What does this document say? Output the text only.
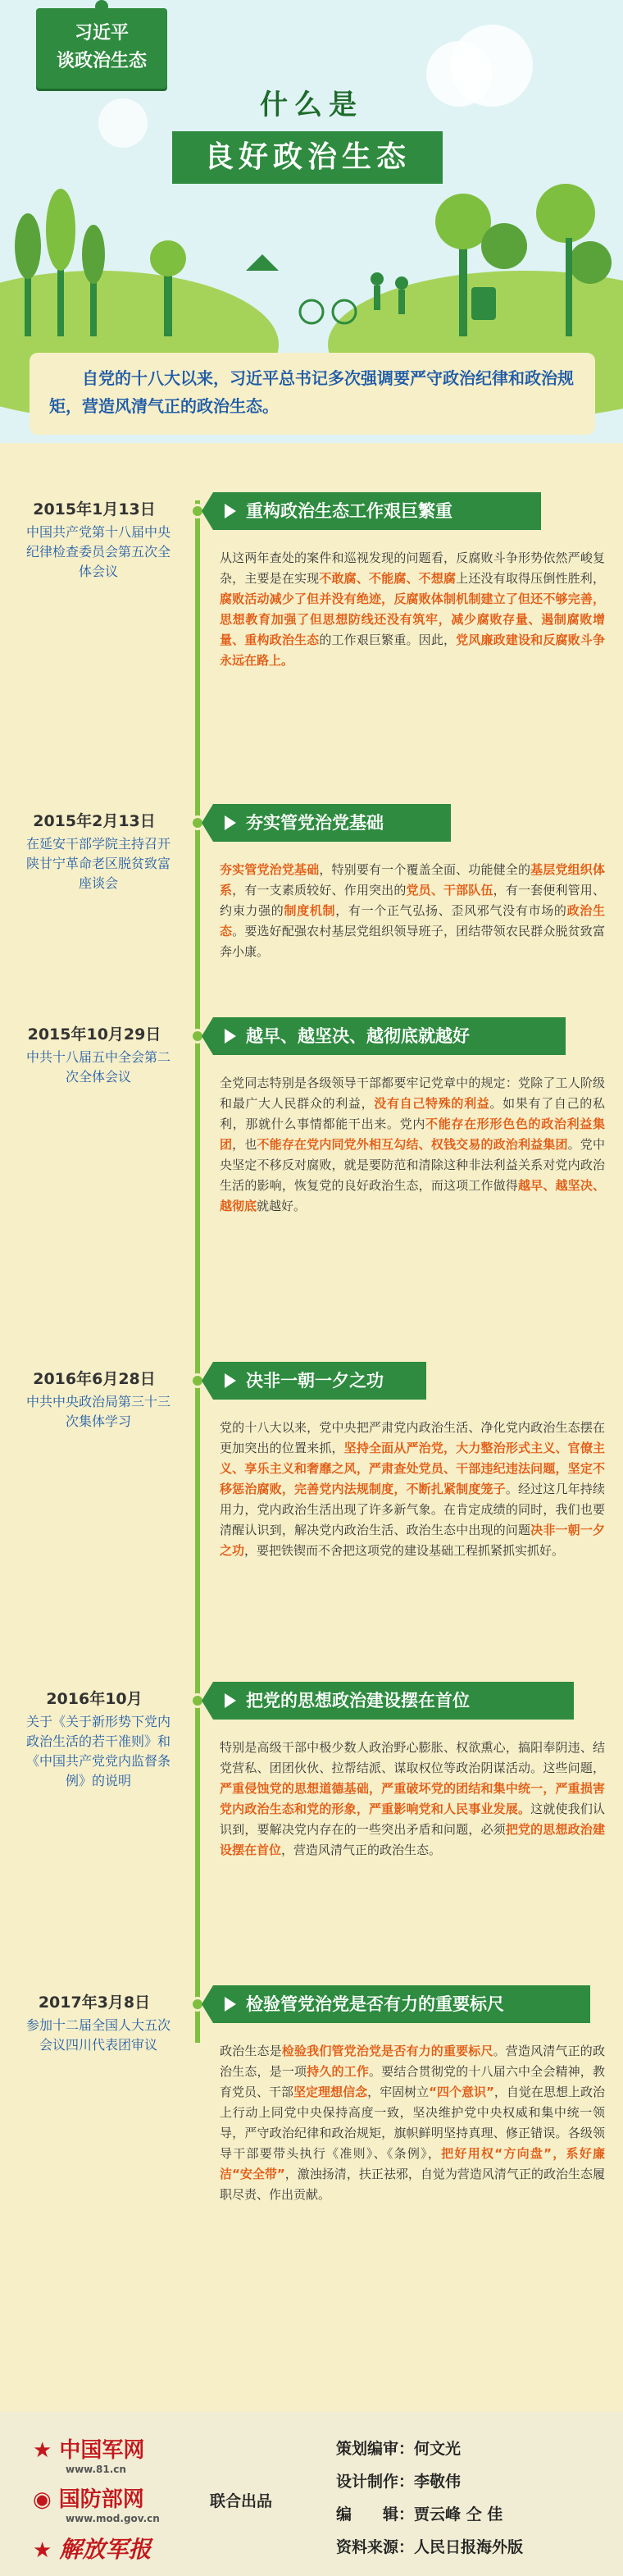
习近平
谈政治生态
什么是
良好政治生态
自党的十八大以来，习近平总书记多次强调要严守政治纪律和政治规矩，营造风清气正的政治生态。
2015年1月13日
中国共产党第十八届中央纪律检查委员会第五次全体会议
重构政治生态工作艰巨繁重
从这两年查处的案件和巡视发现的问题看，反腐败斗争形势依然严峻复杂，主要是在实现不敢腐、不能腐、不想腐上还没有取得压倒性胜利，腐败活动减少了但并没有绝迹，反腐败体制机制建立了但还不够完善，思想教育加强了但思想防线还没有筑牢，减少腐败存量、遏制腐败增量、重构政治生态的工作艰巨繁重。因此，党风廉政建设和反腐败斗争永远在路上。
2015年2月13日
在延安干部学院主持召开陕甘宁革命老区脱贫致富座谈会
夯实管党治党基础
夯实管党治党基础，特别要有一个覆盖全面、功能健全的基层党组织体系，有一支素质较好、作用突出的党员、干部队伍，有一套便利管用、约束力强的制度机制，有一个正气弘扬、歪风邪气没有市场的政治生态。要选好配强农村基层党组织领导班子，团结带领农民群众脱贫致富奔小康。
2015年10月29日
中共十八届五中全会第二次全体会议
越早、越坚决、越彻底就越好
全党同志特别是各级领导干部都要牢记党章中的规定：党除了工人阶级和最广大人民群众的利益，没有自己特殊的利益。如果有了自己的私利，那就什么事情都能干出来。党内不能存在形形色色的政治利益集团，也不能存在党内同党外相互勾结、权钱交易的政治利益集团。党中央坚定不移反对腐败，就是要防范和清除这种非法利益关系对党内政治生活的影响，恢复党的良好政治生态，而这项工作做得越早、越坚决、越彻底就越好。
2016年6月28日
中共中央政治局第三十三次集体学习
决非一朝一夕之功
党的十八大以来，党中央把严肃党内政治生活、净化党内政治生态摆在更加突出的位置来抓，坚持全面从严治党，大力整治形式主义、官僚主义、享乐主义和奢靡之风，严肃查处党员、干部违纪违法问题，坚定不移惩治腐败，完善党内法规制度，不断扎紧制度笼子。经过这几年持续用力，党内政治生活出现了许多新气象。在肯定成绩的同时，我们也要清醒认识到，解决党内政治生活、政治生态中出现的问题决非一朝一夕之功，要把铁锲而不舍把这项党的建设基础工程抓紧抓实抓好。
2016年10月
关于《关于新形势下党内政治生活的若干准则》和《中国共产党党内监督条例》的说明
把党的思想政治建设摆在首位
特别是高级干部中极少数人政治野心膨胀、权欲熏心，搞阳奉阴违、结党营私、团团伙伙、拉帮结派、谋取权位等政治阴谋活动。这些问题，严重侵蚀党的思想道德基础，严重破坏党的团结和集中统一，严重损害党内政治生态和党的形象，严重影响党和人民事业发展。这就使我们认识到，要解决党内存在的一些突出矛盾和问题，必须把党的思想政治建设摆在首位，营造风清气正的政治生态。
2017年3月8日
参加十二届全国人大五次会议四川代表团审议
检验管党治党是否有力的重要标尺
政治生态是检验我们管党治党是否有力的重要标尺。营造风清气正的政治生态，是一项持久的工作。要结合贯彻党的十八届六中全会精神，教育党员、干部坚定理想信念，牢固树立“四个意识”，自觉在思想上政治上行动上同党中央保持高度一致，坚决维护党中央权威和集中统一领导，严守政治纪律和政治规矩，旗帜鲜明坚持真理、修正错误。各级领导干部要带头执行《准则》、《条例》，把好用权“方向盘”，系好廉洁“安全带”，激浊扬清，扶正祛邪，自觉为营造风清气正的政治生态履职尽责、作出贡献。
★ 中国军网
www.81.cn
◉ 国防部网
www.mod.gov.cn
★ 解放军报
联合出品
策划编审：何文光
设计制作：李敬伟
编　　辑：贾云峰 仝 佳
资料来源：人民日报海外版
